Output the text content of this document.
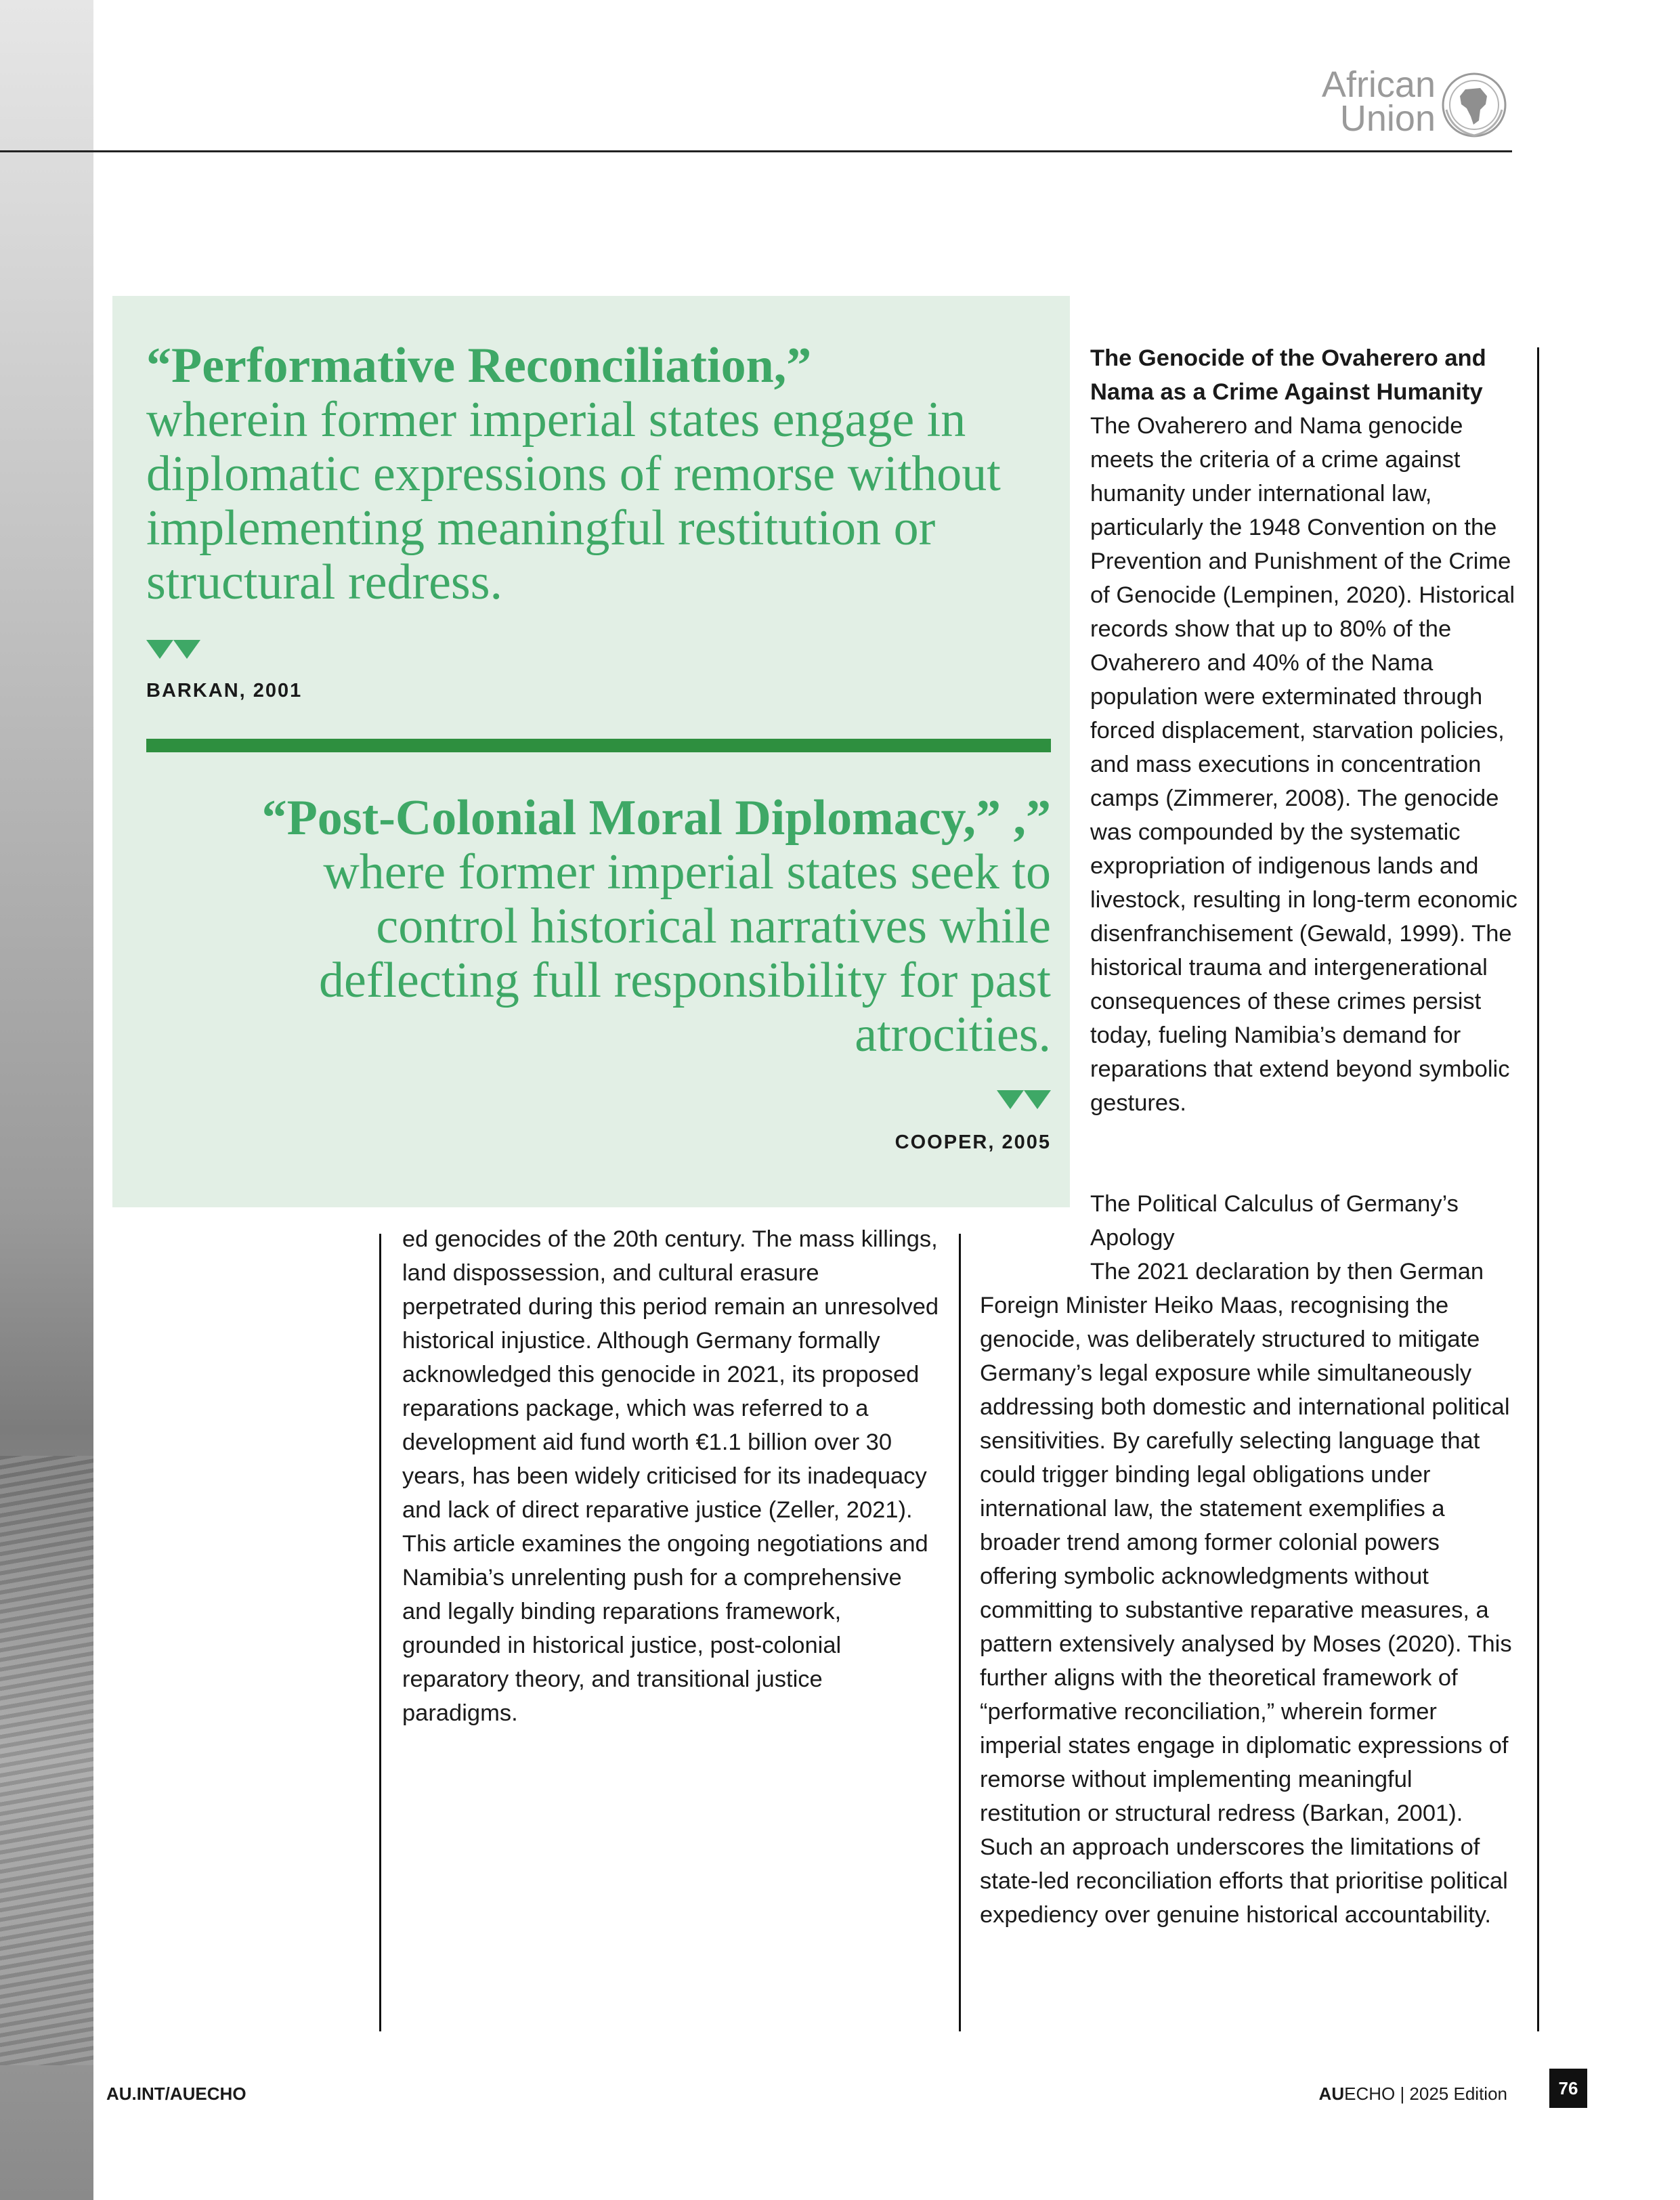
African
Union
“Performative Reconciliation,”
wherein former imperial states engage in diplomatic expressions of remorse without implementing meaningful restitution or structural redress.
BARKAN, 2001
“Post-Colonial Moral Diplomacy,” ,”
where former imperial states seek to control historical narratives while deflecting full responsibility for past atrocities.
COOPER, 2005
ed genocides of the 20th century. The mass killings, land dispossession, and cultural erasure perpetrated during this period remain an unresolved historical injustice. Although Germany formally acknowledged this genocide in 2021, its proposed reparations package, which was referred to a development aid fund worth €1.1 billion over 30 years, has been widely criticised for its inadequacy and lack of direct reparative justice (Zeller, 2021). This article examines the ongoing negotiations and Namibia’s unrelenting push for a comprehensive and legally binding reparations framework, grounded in historical justice, post-colonial reparatory theory, and transitional justice paradigms.
The Genocide of the Ovaherero and Nama as a Crime Against Humanity
The Ovaherero and Nama genocide meets the criteria of a crime against humanity under international law, particularly the 1948 Convention on the Prevention and Punishment of the Crime of Genocide (Lempinen, 2020). Historical records show that up to 80% of the Ovaherero and 40% of the Nama population were exterminated through forced displacement, starvation policies, and mass executions in concentration camps (Zimmerer, 2008). The genocide was compounded by the systematic expropriation of indigenous lands and livestock, resulting in long-term economic disenfranchisement (Gewald, 1999). The historical trauma and intergenerational consequences of these crimes persist today, fueling Namibia’s demand for reparations that extend beyond symbolic gestures.
The Political Calculus of Germany’s Apology
The 2021 declaration by then German
Foreign Minister Heiko Maas, recognising the genocide, was deliberately structured to mitigate Germany’s legal exposure while simultaneously addressing both domestic and international political sensitivities. By carefully selecting language that could trigger binding legal obligations under international law, the statement exemplifies a broader trend among former colonial powers offering symbolic acknowledgments without committing to substantive reparative measures, a pattern extensively analysed by Moses (2020). This further aligns with the theoretical framework of “performative reconciliation,” wherein former imperial states engage in diplomatic expressions of remorse without implementing meaningful restitution or structural redress (Barkan, 2001). Such an approach underscores the limitations of state-led reconciliation efforts that prioritise political expediency over genuine historical accountability.
AU.INT/AUECHO	AUECHO | 2025 Edition	76
